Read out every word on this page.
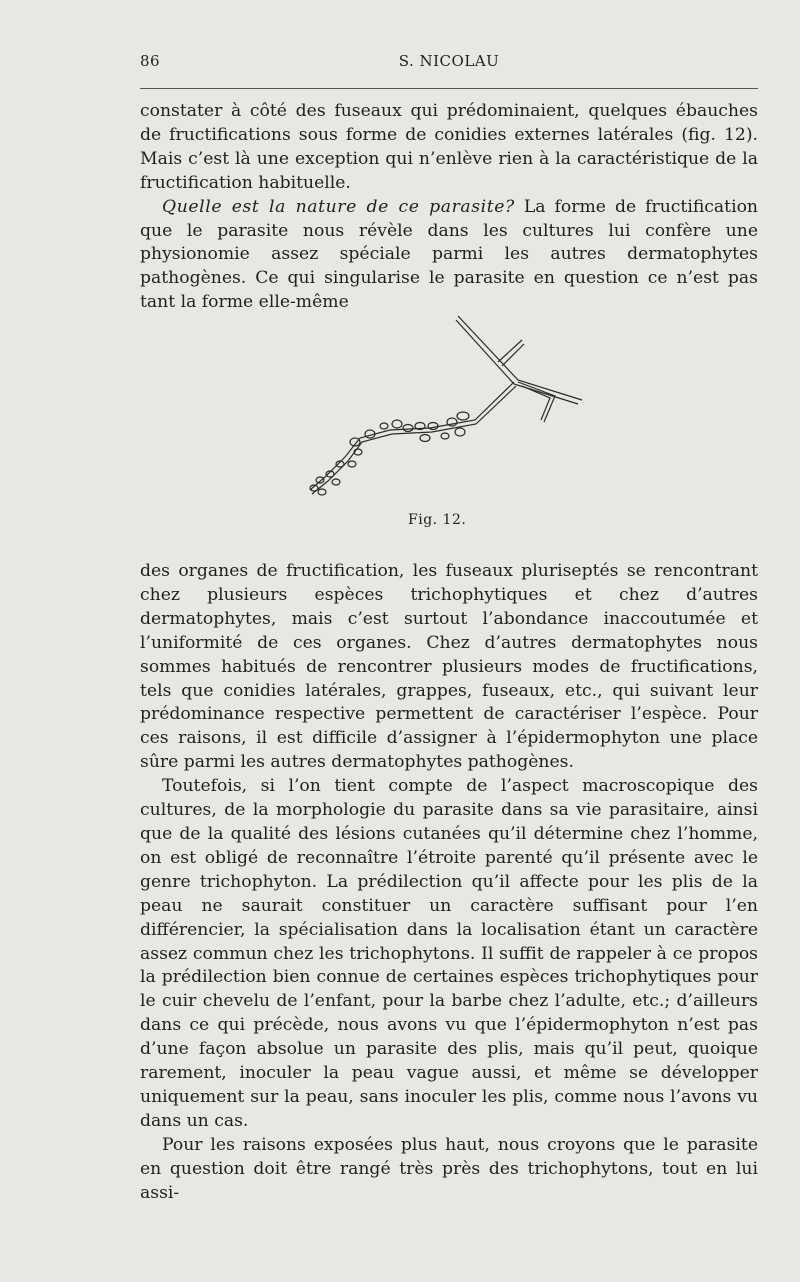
86	S. NICOLAU

constater à côté des fuseaux qui prédominaient, quelques ébauches de fructifications sous forme de conidies externes latérales (fig. 12). Mais c’est là une exception qui n’enlève rien à la caractéristique de la fructification habituelle.

Quelle est la nature de ce parasite? La forme de fructification que le parasite nous révèle dans les cultures lui confère une physionomie assez spéciale parmi les autres dermatophytes pathogènes. Ce qui singularise le parasite en question ce n’est pas tant la forme elle-même

Fig. 12.

des organes de fructification, les fuseaux pluriseptés se rencontrant chez plusieurs espèces trichophytiques et chez d’autres dermatophytes, mais c’est surtout l’abondance inaccoutumée et l’uniformité de ces organes. Chez d’autres dermatophytes nous sommes habitués de rencontrer plusieurs modes de fructifications, tels que conidies latérales, grappes, fuseaux, etc., qui suivant leur prédominance respective permettent de caractériser l’espèce. Pour ces raisons, il est difficile d’assigner à l’épidermophyton une place sûre parmi les autres dermatophytes pathogènes.

Toutefois, si l’on tient compte de l’aspect macroscopique des cultures, de la morphologie du parasite dans sa vie parasitaire, ainsi que de la qualité des lésions cutanées qu’il détermine chez l’homme, on est obligé de reconnaître l’étroite parenté qu’il présente avec le genre trichophyton. La prédilection qu’il affecte pour les plis de la peau ne saurait constituer un caractère suffisant pour l’en différencier, la spécialisation dans la localisation étant un caractère assez commun chez les trichophytons. Il suffit de rappeler à ce propos la prédilection bien connue de certaines espèces trichophytiques pour le cuir chevelu de l’enfant, pour la barbe chez l’adulte, etc.; d’ailleurs dans ce qui précède, nous avons vu que l’épidermophyton n’est pas d’une façon absolue un parasite des plis, mais qu’il peut, quoique rarement, inoculer la peau vague aussi, et même se développer uniquement sur la peau, sans inoculer les plis, comme nous l’avons vu dans un cas.

Pour les raisons exposées plus haut, nous croyons que le parasite en question doit être rangé très près des trichophytons, tout en lui assi-
